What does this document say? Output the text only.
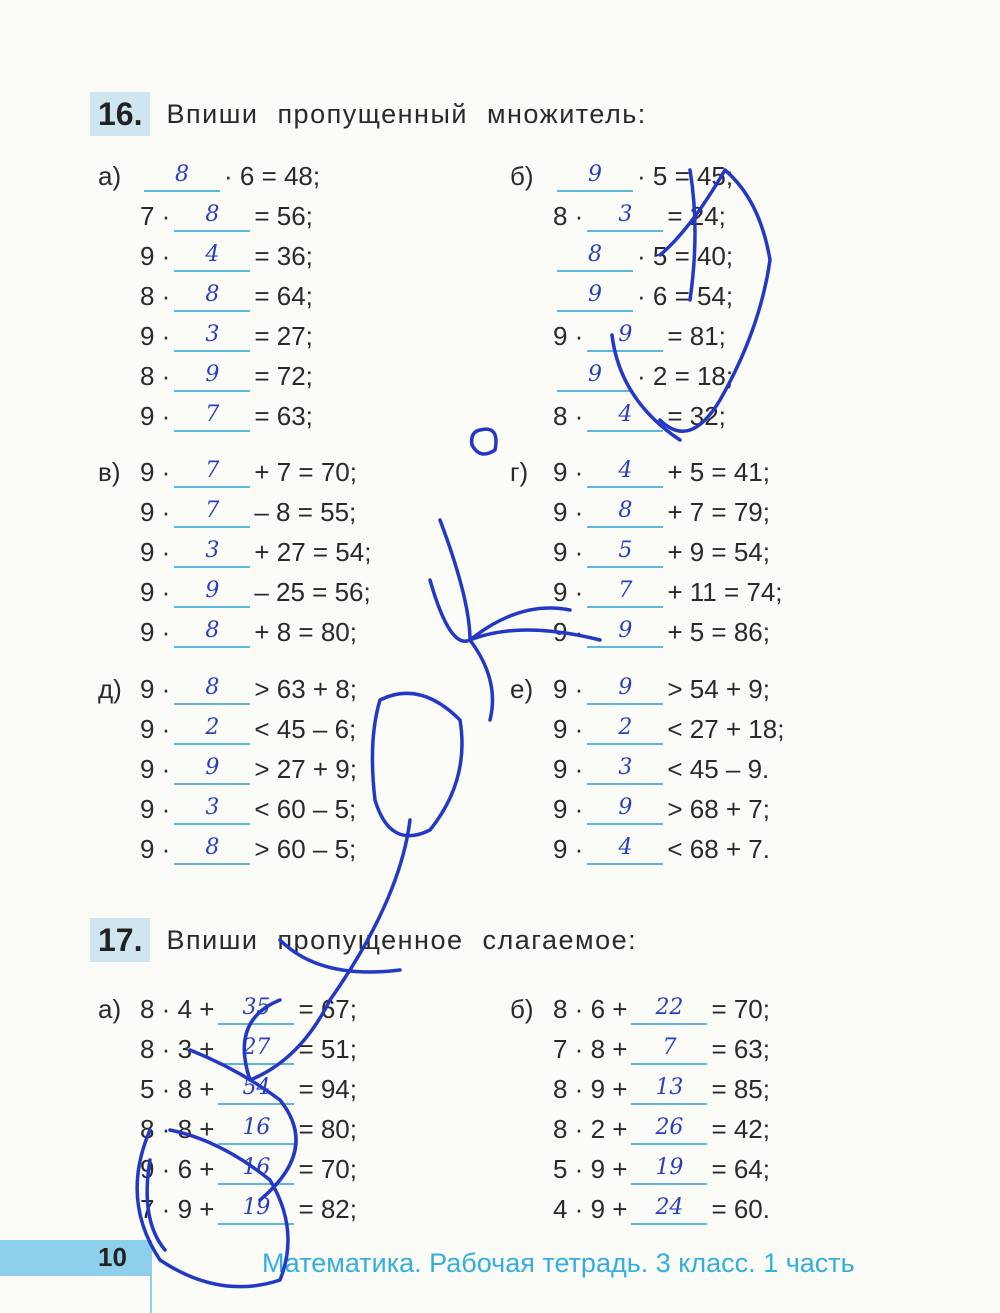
16. Впиши пропущенный множитель:
а)	8	· 6 = 48;
7 ·	8	= 56;
9 ·	4	= 36;
8 ·	8	= 64;
9 ·	3	= 27;
8 ·	9	= 72;
9 ·	7	= 63;
б)	9	· 5 = 45;
8 ·	3	= 24;
8	· 5 = 40;
9	· 6 = 54;
9 ·	9	= 81;
9	· 2 = 18;
8 ·	4	= 32;
в) 9 ·	7	+ 7 = 70;
9 ·	7	– 8 = 55;
9 ·	3	+ 27 = 54;
9 ·	9	– 25 = 56;
9 ·	8	+ 8 = 80;
г) 9 ·	4	+ 5 = 41;
9 ·	8	+ 7 = 79;
9 ·	5	+ 9 = 54;
9 ·	7	+ 11 = 74;
9 ·	9	+ 5 = 86;
д) 9 ·	8	> 63 + 8;
9 ·	2	< 45 – 6;
9 ·	9	> 27 + 9;
9 ·	3	< 60 – 5;
9 ·	8	> 60 – 5;
е) 9 ·	9	> 54 + 9;
9 ·	2	< 27 + 18;
9 ·	3	< 45 – 9.
9 ·	9	> 68 + 7;
9 ·	4	< 68 + 7.
а) 8 · 4 +	35	= 67;
8 · 3 +	27	= 51;
5 · 8 +	54	= 94;
8 · 8 +	16	= 80;
9 · 6 +	16	= 70;
7 · 9 +	19	= 82;
б) 8 · 6 +	22	= 70;
7 · 8 +	7	= 63;
8 · 9 +	13	= 85;
8 · 2 +	26	= 42;
5 · 9 +	19	= 64;
4 · 9 +	24	= 60.
17. Впиши пропущенное слагаемое:
10	Математика. Рабочая тетрадь. 3 класс. 1 часть
